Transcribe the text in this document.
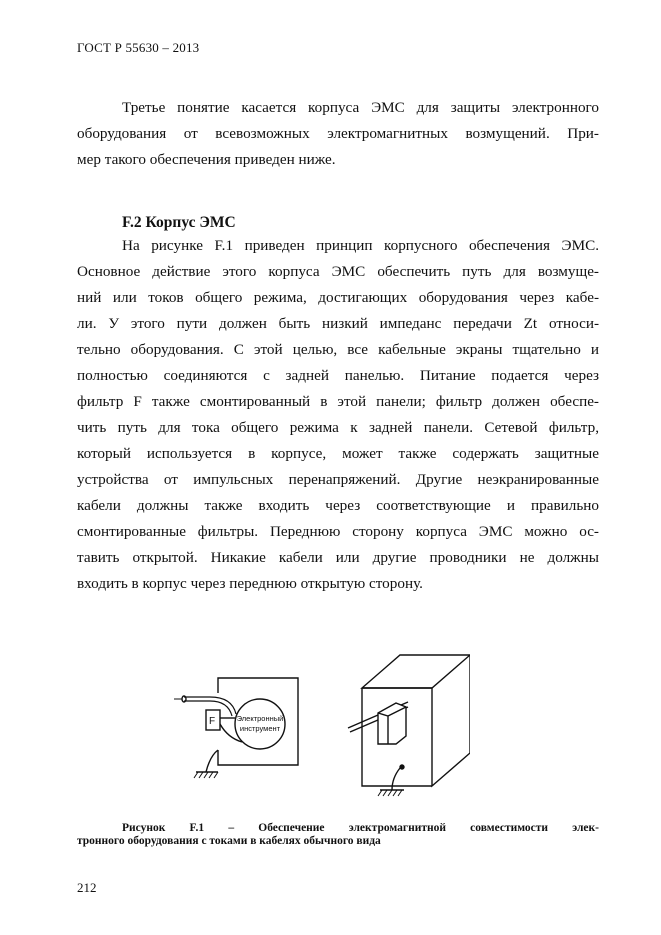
ГОСТ Р 55630 – 2013
Третье понятие касается корпуса ЭМС для защиты электронного
оборудования от всевозможных электромагнитных возмущений. При-
мер такого обеспечения приведен ниже.
F.2 Корпус ЭМС
На рисунке F.1 приведен принцип корпусного обеспечения ЭМС.
Основное действие этого корпуса ЭМС обеспечить путь для возмуще-
ний или токов общего режима, достигающих оборудования через кабе-
ли. У этого пути должен быть низкий импеданс передачи Zt относи-
тельно оборудования. С этой целью, все кабельные экраны тщательно и
полностью соединяются с задней панелью. Питание подается через
фильтр F также смонтированный в этой панели; фильтр должен обеспе-
чить путь для тока общего режима к задней панели. Сетевой фильтр,
который используется в корпусе, может также содержать защитные
устройства от импульсных перенапряжений. Другие неэкранированные
кабели должны также входить через соответствующие и правильно
смонтированные фильтры. Переднюю сторону корпуса ЭМС можно ос-
тавить открытой. Никакие кабели или другие проводники не должны
входить в корпус через переднюю открытую сторону.
F	Электронный
инструмент
Рисунок F.1 – Обеспечение электромагнитной совместимости элек-
тронного оборудования с токами в кабелях обычного вида
212
